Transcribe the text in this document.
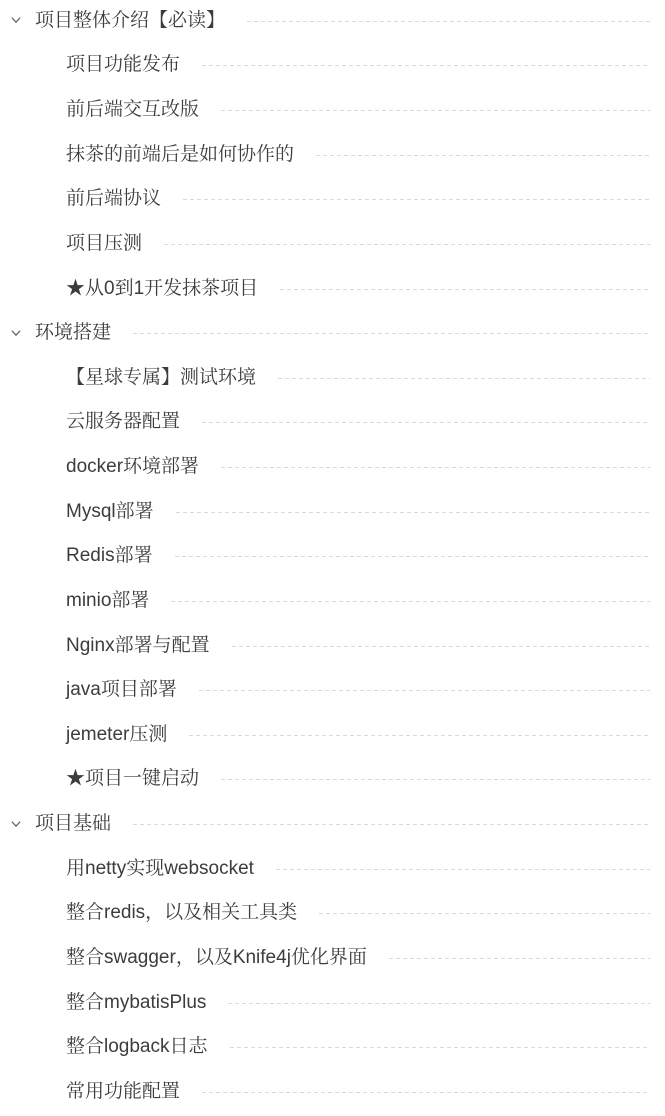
项目整体介绍【必读】
项目功能发布
前后端交互改版
抹茶的前端后是如何协作的
前后端协议
项目压测
★从0到1开发抹茶项目
环境搭建
【星球专属】测试环境
云服务器配置
docker环境部署
Mysql部署
Redis部署
minio部署
Nginx部署与配置
java项目部署
jemeter压测
★项目一键启动
项目基础
用netty实现websocket
整合redis，以及相关工具类
整合swagger，以及Knife4j优化界面
整合mybatisPlus
整合logback日志
常用功能配置
